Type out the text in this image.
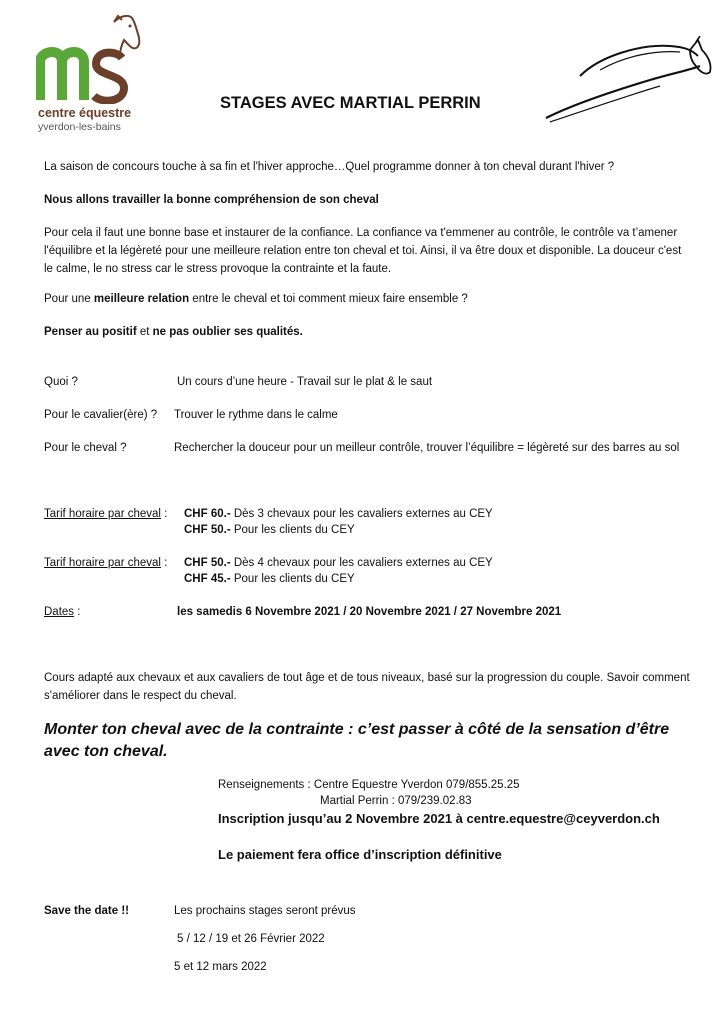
centre équestre
yverdon-les-bains
STAGES AVEC MARTIAL PERRIN

La saison de concours touche à sa fin et l'hiver approche…Quel programme donner à ton cheval durant l'hiver ?

Nous allons travailler la bonne compréhension de son cheval

Pour cela il faut une bonne base et instaurer de la confiance. La confiance va t'emmener au contrôle, le contrôle va t’amener l'équilibre et la légèreté pour une meilleure relation entre ton cheval et toi. Ainsi, il va être doux et disponible. La douceur c'est le calme, le no stress car le stress provoque la contrainte et la faute.

Pour une meilleure relation entre le cheval et toi comment mieux faire ensemble ?

Penser au positif et ne pas oublier ses qualités.

Quoi ?	Un cours d’une heure - Travail sur le plat & le saut
Pour le cavalier(ère) ? Trouver le rythme dans le calme
Pour le cheval ?	Rechercher la douceur pour un meilleur contrôle, trouver l’équilibre = légèreté sur des barres au sol
Tarif horaire par cheval : CHF 60.- Dès 3 chevaux pour les cavaliers externes au CEY
CHF 50.- Pour les clients du CEY
Tarif horaire par cheval : CHF 50.- Dès 4 chevaux pour les cavaliers externes au CEY
CHF 45.- Pour les clients du CEY
Dates :	les samedis 6 Novembre 2021 / 20 Novembre 2021 / 27 Novembre 2021

Cours adapté aux chevaux et aux cavaliers de tout âge et de tous niveaux, basé sur la progression du couple. Savoir comment s'améliorer dans le respect du cheval.

Monter ton cheval avec de la contrainte : c’est passer à côté de la sensation d’être avec ton cheval.

Renseignements : Centre Equestre Yverdon 079/855.25.25
Martial Perrin : 079/239.02.83
Inscription jusqu’au 2 Novembre 2021 à centre.equestre@ceyverdon.ch
Le paiement fera office d’inscription définitive
Save the date !!	Les prochains stages seront prévus
5 / 12 / 19 et 26 Février 2022
5 et 12 mars 2022
